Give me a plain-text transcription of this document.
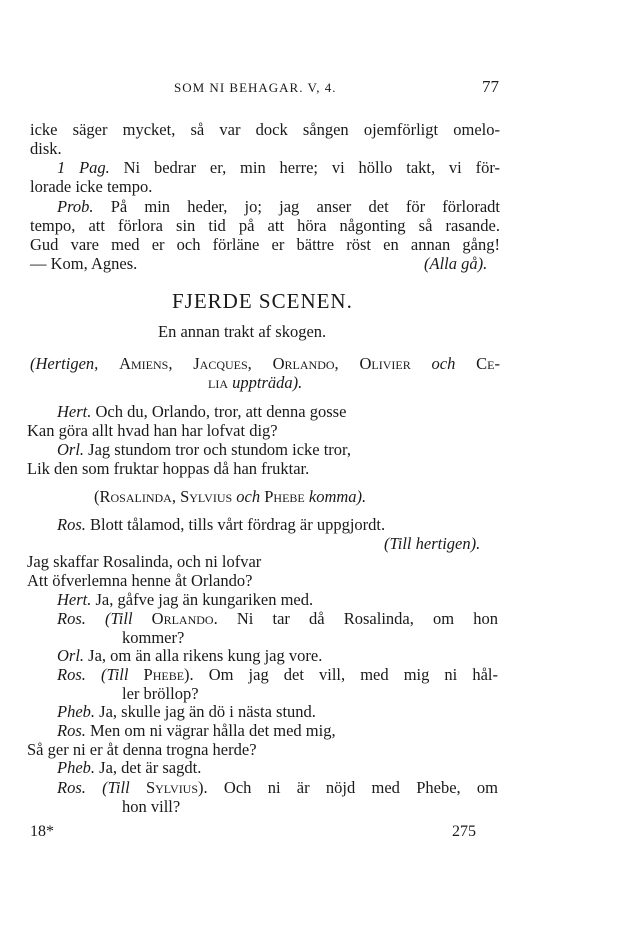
SOM NI BEHAGAR. V, 4.	77
icke säger mycket, så var dock sången ojemförligt omelo-
disk.
1 Pag. Ni bedrar er, min herre; vi höllo takt, vi för-
lorade icke tempo.
Prob. På min heder, jo; jag anser det för förloradt
tempo, att förlora sin tid på att höra någonting så rasande.
Gud vare med er och förläne er bättre röst en annan gång!
— Kom, Agnes.	(Alla gå).
FJERDE SCENEN.
En annan trakt af skogen.
(Hertigen, Amiens, Jacques, Orlando, Olivier och Ce-
lia uppträda).
Hert. Och du, Orlando, tror, att denna gosse
Kan göra allt hvad han har lofvat dig?
Orl. Jag stundom tror och stundom icke tror,
Lik den som fruktar hoppas då han fruktar.
(Rosalinda, Sylvius och Phebe komma).
Ros. Blott tålamod, tills vårt fördrag är uppgjordt.
(Till hertigen).
Jag skaffar Rosalinda, och ni lofvar
Att öfverlemna henne åt Orlando?
Hert. Ja, gåfve jag än kungariken med.
Ros. (Till Orlando. Ni tar då Rosalinda, om hon
kommer?
Orl. Ja, om än alla rikens kung jag vore.
Ros. (Till Phebe). Om jag det vill, med mig ni hål-
ler bröllop?
Pheb. Ja, skulle jag än dö i nästa stund.
Ros. Men om ni vägrar hålla det med mig,
Så ger ni er åt denna trogna herde?
Pheb. Ja, det är sagdt.
Ros. (Till Sylvius). Och ni är nöjd med Phebe, om
hon vill?
18*	275
